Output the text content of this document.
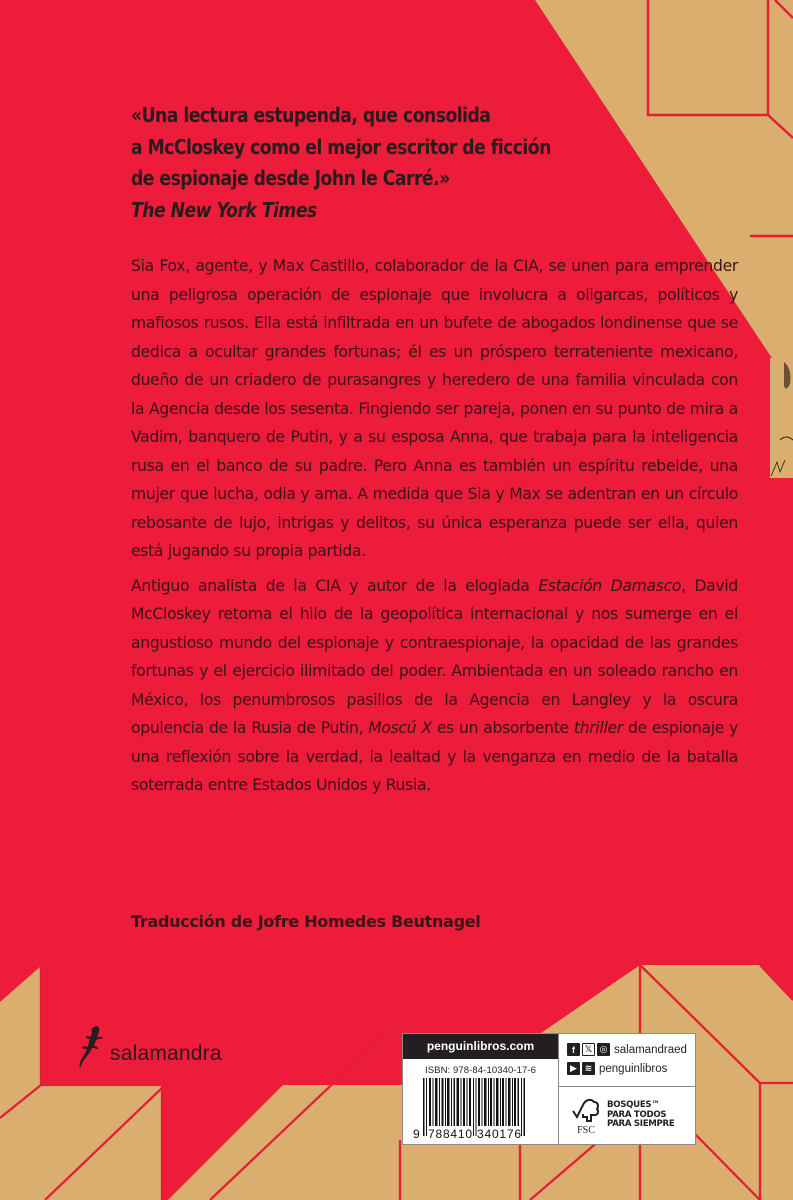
«Una lectura estupenda, que consolida
a McCloskey como el mejor escritor de ficción
de espionaje desde John le Carré.»
The New York Times

Sia Fox, agente, y Max Castillo, colaborador de la CIA, se unen para emprender una peligrosa operación de espionaje que involucra a oligarcas, políticos y mafiosos rusos. Ella está infiltrada en un bufete de abogados londinense que se dedica a ocultar grandes fortunas; él es un próspero terrateniente mexicano, dueño de un criadero de purasangres y heredero de una familia vinculada con la Agencia desde los sesenta. Fingiendo ser pareja, ponen en su punto de mira a Vadim, banquero de Putin, y a su esposa Anna, que trabaja para la inteligencia rusa en el banco de su padre. Pero Anna es también un espíritu rebelde, una mujer que lucha, odia y ama. A medida que Sia y Max se adentran en un círculo rebosante de lujo, intrigas y delitos, su única esperanza puede ser ella, quien está jugando su propia partida.

Antiguo analista de la CIA y autor de la elogiada Estación Damasco, David McCloskey retoma el hilo de la geopolítica internacional y nos sumerge en el angustioso mundo del espionaje y contraespionaje, la opacidad de las grandes fortunas y el ejercicio ilimitado del poder. Ambientada en un soleado rancho en México, los penumbrosos pasillos de la Agencia en Langley y la oscura opulencia de la Rusia de Putin, Moscú X es un absorbente thriller de espionaje y una reflexión sobre la verdad, la lealtad y la venganza en medio de la batalla soterrada entre Estados Unidos y Rusia.

Traducción de Jofre Homedes Beutnagel
salamandra	penguinlibros.com
ISBN: 978-84-10340-17-6
9 788410 340176
f	𝕏 ◎ salamandraed
▶ ≋ penguinlibros
FSC
BOSQUES™
PARA TODOS
PARA SIEMPRE
